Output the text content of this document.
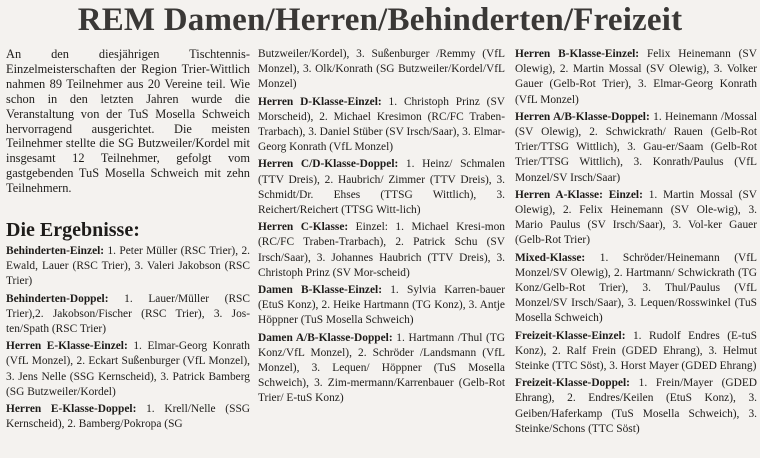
REM Damen/Herren/Behinderten/Freizeit

An den diesjährigen Tischtennis-Einzelmeisterschaften der Region Trier-Wittlich nahmen 89 Teilnehmer aus 20 Vereine teil. Wie schon in den letzten Jahren wurde die Veranstaltung von der TuS Mosella Schweich hervorragend ausgerichtet. Die meisten Teilnehmer stellte die SG Butzweiler/Kordel mit insgesamt 12 Teilnehmer, gefolgt vom gastgebenden TuS Mosella Schweich mit zehn Teilnehmern.

Die Ergebnisse:

Behinderten-Einzel: 1. Peter Müller (RSC Trier), 2. Ewald, Lauer (RSC Trier), 3. Valeri Jakobson (RSC Trier)

Behinderten-Doppel: 1. Lauer/Müller (RSC Trier),2. Jakobson/Fischer (RSC Trier), 3. Jos-ten/Spath (RSC Trier)

Herren E-Klasse-Einzel: 1. Elmar-Georg Konrath (VfL Monzel), 2. Eckart Sußenburger (VfL Monzel), 3. Jens Nelle (SSG Kernscheid), 3. Patrick Bamberg (SG Butzweiler/Kordel)

Herren E-Klasse-Doppel: 1. Krell/Nelle (SSG Kernscheid), 2. Bamberg/Pokropa (SG

Butzweiler/Kordel), 3. Sußenburger /Remmy (VfL Monzel), 3. Olk/Konrath (SG Butzweiler/Kordel/VfL Monzel)

Herren D-Klasse-Einzel: 1. Christoph Prinz (SV Morscheid), 2. Michael Kresimon (RC/FC Traben-Trarbach), 3. Daniel Stüber (SV Irsch/Saar), 3. Elmar-Georg Konrath (VfL Monzel)

Herren C/D-Klasse-Doppel: 1. Heinz/ Schmalen (TTV Dreis), 2. Haubrich/ Zimmer (TTV Dreis), 3. Schmidt/Dr. Ehses (TTSG Wittlich), 3. Reichert/Reichert (TTSG Witt-lich)

Herren C-Klasse: Einzel: 1. Michael Kresi-mon (RC/FC Traben-Trarbach), 2. Patrick Schu (SV Irsch/Saar), 3. Johannes Haubrich (TTV Dreis), 3. Christoph Prinz (SV Mor-scheid)

Damen B-Klasse-Einzel: 1. Sylvia Karren-bauer (EtuS Konz), 2. Heike Hartmann (TG Konz), 3. Antje Höppner (TuS Mosella Schweich)

Damen A/B-Klasse-Doppel: 1. Hartmann /Thul (TG Konz/VfL Monzel), 2. Schröder /Landsmann (VfL Monzel), 3. Lequen/ Höppner (TuS Mosella Schweich), 3. Zim-mermann/Karrenbauer (Gelb-Rot Trier/ E-tuS Konz)

Herren B-Klasse-Einzel: Felix Heinemann (SV Olewig), 2. Martin Mossal (SV Olewig), 3. Volker Gauer (Gelb-Rot Trier), 3. Elmar-Georg Konrath (VfL Monzel)

Herren A/B-Klasse-Doppel: 1. Heinemann /Mossal (SV Olewig), 2. Schwickrath/ Rauen (Gelb-Rot Trier/TTSG Wittlich), 3. Gau-er/Saam (Gelb-Rot Trier/TTSG Wittlich), 3. Konrath/Paulus (VfL Monzel/SV Irsch/Saar)

Herren A-Klasse: Einzel: 1. Martin Mossal (SV Olewig), 2. Felix Heinemann (SV Ole-wig), 3. Mario Paulus (SV Irsch/Saar), 3. Vol-ker Gauer (Gelb-Rot Trier)

Mixed-Klasse: 1. Schröder/Heinemann (VfL Monzel/SV Olewig), 2. Hartmann/ Schwickrath (TG Konz/Gelb-Rot Trier), 3. Thul/Paulus (VfL Monzel/SV Irsch/Saar), 3. Lequen/Rosswinkel (TuS Mosella Schweich)

Freizeit-Klasse-Einzel: 1. Rudolf Endres (E-tuS Konz), 2. Ralf Frein (GDED Ehrang), 3. Helmut Steinke (TTC Söst), 3. Horst Mayer (GDED Ehrang)

Freizeit-Klasse-Doppel: 1. Frein/Mayer (GDED Ehrang), 2. Endres/Keilen (EtuS Konz), 3. Geiben/Haferkamp (TuS Mosella Schweich), 3. Steinke/Schons (TTC Söst)
